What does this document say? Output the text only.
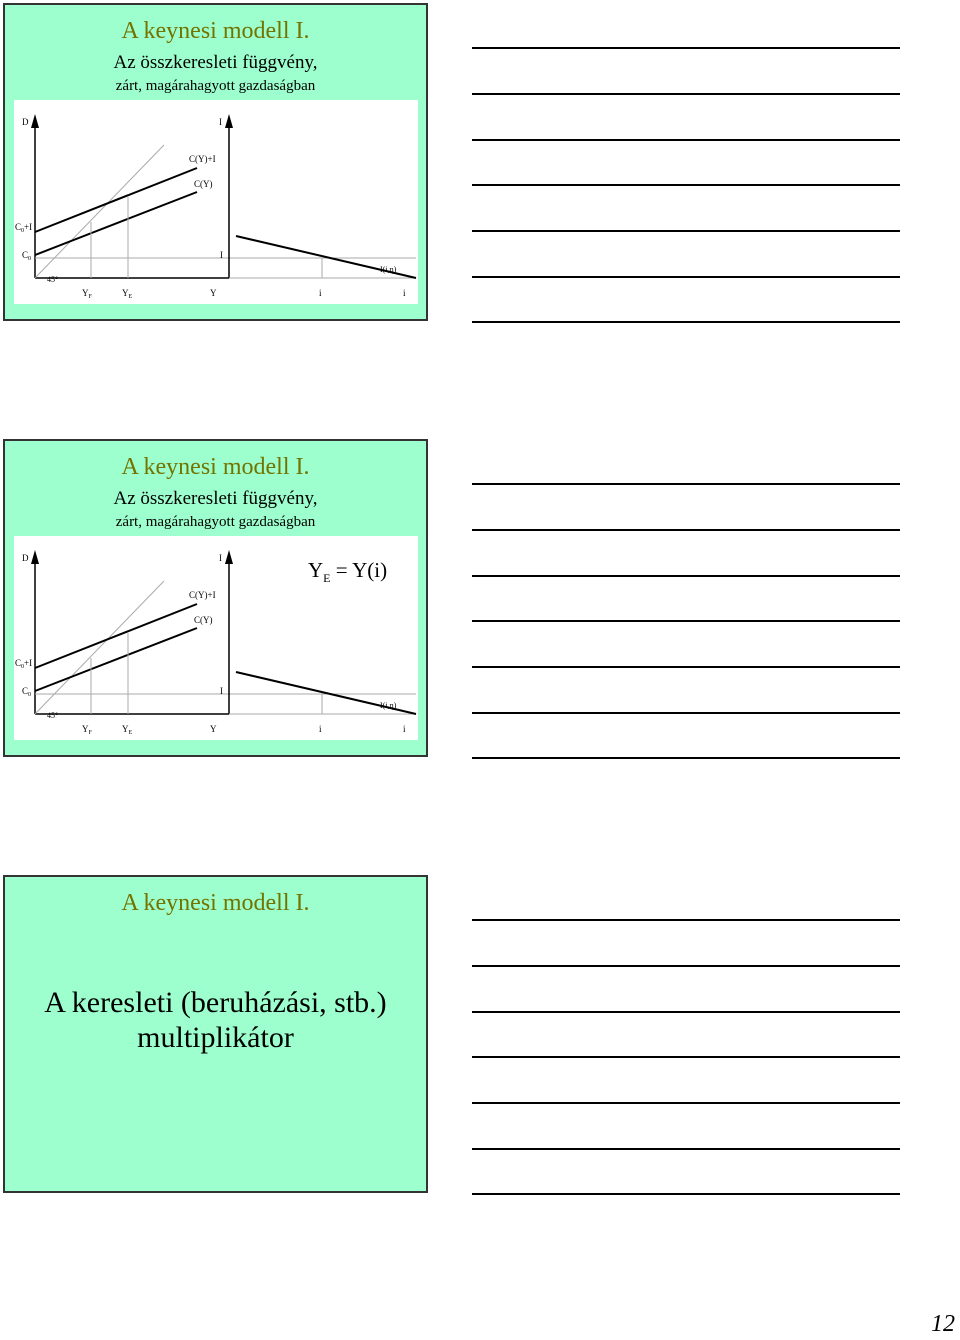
A keynesi modell I.
Az összkeresleti függvény,
zárt, magárahagyott gazdaságban
D	I
C(Y)+I
C(Y)
$C_0+I$
$C_0$	I
45°
I(i,η)
$Y_F$	$Y_E$	Y	i	i
A keynesi modell I.
Az összkeresleti függvény,
zárt, magárahagyott gazdaságban
D	I
C(Y)+I
C(Y)
$C_0+I$
$C_0$	I
45°
I(i,η)
$Y_F$	$Y_E$	Y	i	i
$Y_E = Y(i)$
A keynesi modell I.
A keresleti (beruházási, stb.)
multiplikátor
12
